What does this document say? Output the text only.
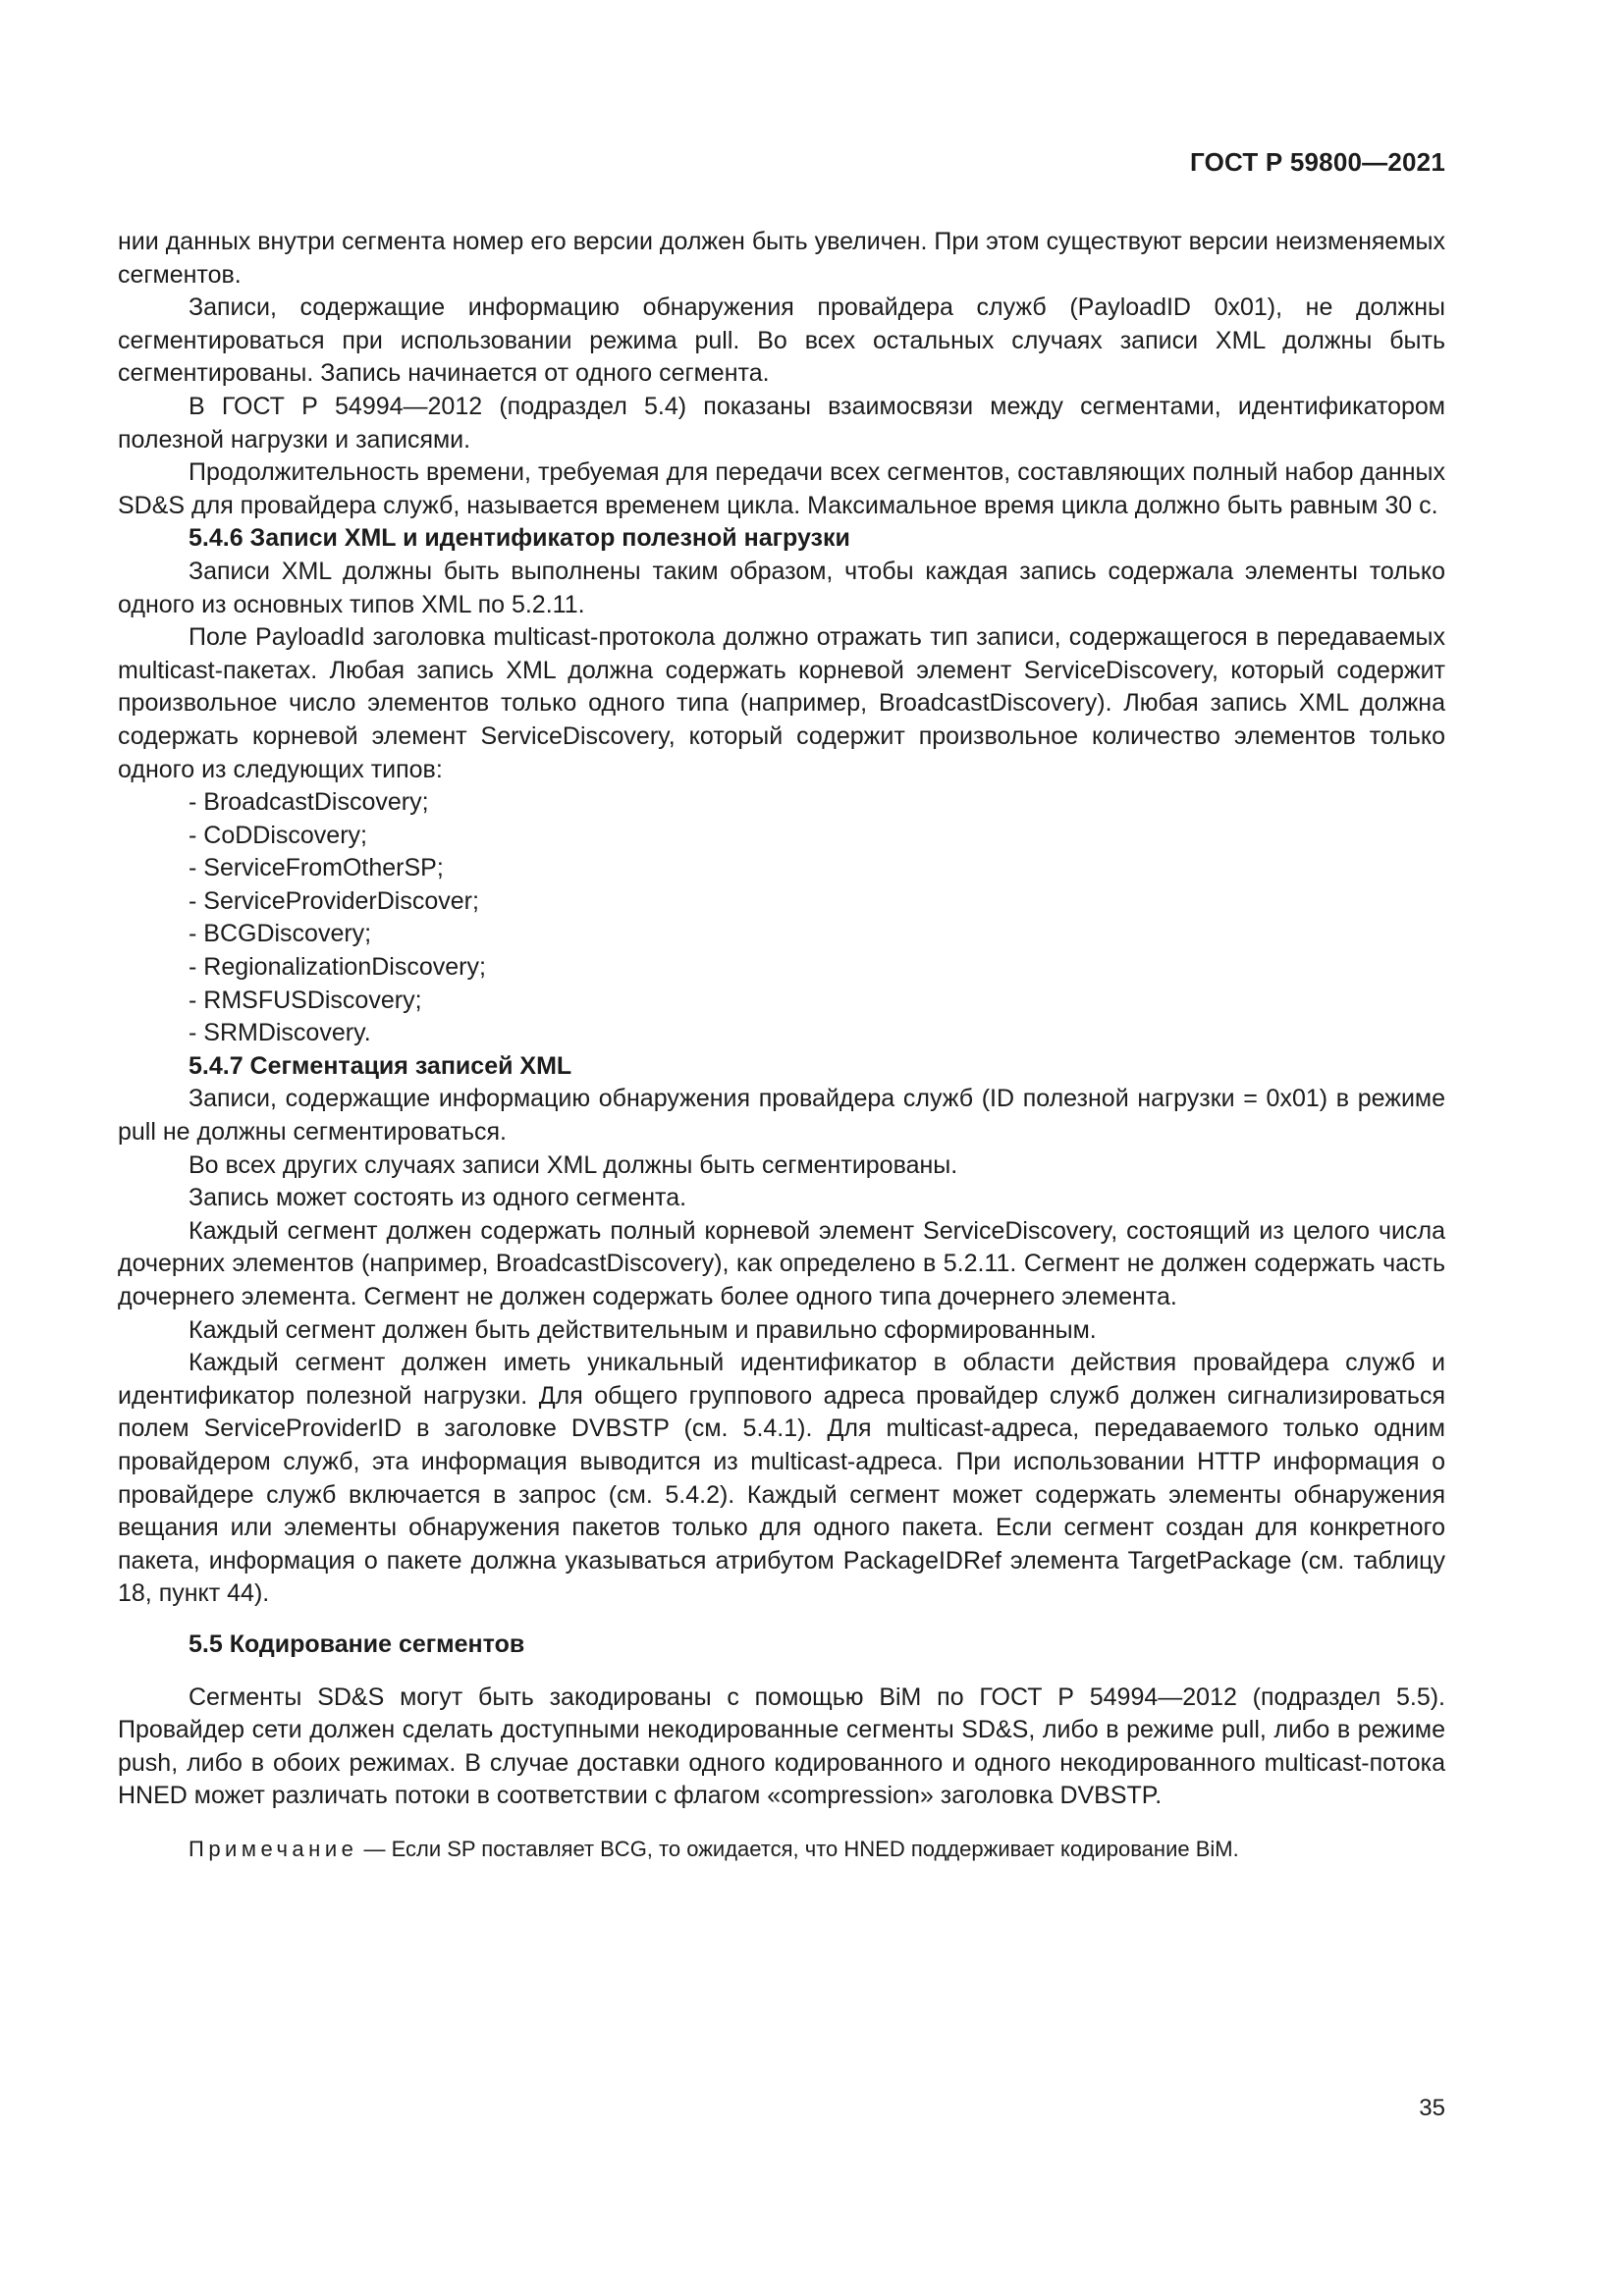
ГОСТ Р 59800—2021

нии данных внутри сегмента номер его версии должен быть увеличен. При этом существуют версии неизменяемых сегментов.

Записи, содержащие информацию обнаружения провайдера служб (PayloadID 0x01), не должны сегментироваться при использовании режима pull. Во всех остальных случаях записи XML должны быть сегментированы. Запись начинается от одного сегмента.

В ГОСТ Р 54994—2012 (подраздел 5.4) показаны взаимосвязи между сегментами, идентификатором полезной нагрузки и записями.

Продолжительность времени, требуемая для передачи всех сегментов, составляющих полный набор данных SD&S для провайдера служб, называется временем цикла. Максимальное время цикла должно быть равным 30 с.

5.4.6 Записи XML и идентификатор полезной нагрузки

Записи XML должны быть выполнены таким образом, чтобы каждая запись содержала элементы только одного из основных типов XML по 5.2.11.

Поле PayloadId заголовка multicast-протокола должно отражать тип записи, содержащегося в передаваемых multicast-пакетах. Любая запись XML должна содержать корневой элемент ServiceDiscovery, который содержит произвольное число элементов только одного типа (например, BroadcastDiscovery). Любая запись XML должна содержать корневой элемент ServiceDiscovery, который содержит произвольное количество элементов только одного из следующих типов:

- BroadcastDiscovery;

- CoDDiscovery;

- ServiceFromOtherSP;

- ServiceProviderDiscover;

- BCGDiscovery;

- RegionalizationDiscovery;

- RMSFUSDiscovery;

- SRMDiscovery.

5.4.7 Сегментация записей XML

Записи, содержащие информацию обнаружения провайдера служб (ID полезной нагрузки = 0x01) в режиме pull не должны сегментироваться.

Во всех других случаях записи XML должны быть сегментированы.

Запись может состоять из одного сегмента.

Каждый сегмент должен содержать полный корневой элемент ServiceDiscovery, состоящий из целого числа дочерних элементов (например, BroadcastDiscovery), как определено в 5.2.11. Сегмент не должен содержать часть дочернего элемента. Сегмент не должен содержать более одного типа дочернего элемента.

Каждый сегмент должен быть действительным и правильно сформированным.

Каждый сегмент должен иметь уникальный идентификатор в области действия провайдера служб и идентификатор полезной нагрузки. Для общего группового адреса провайдер служб должен сигнализироваться полем ServiceProviderID в заголовке DVBSTP (см. 5.4.1). Для multicast-адреса, передаваемого только одним провайдером служб, эта информация выводится из multicast-адреса. При использовании HTTP информация о провайдере служб включается в запрос (см. 5.4.2). Каждый сегмент может содержать элементы обнаружения вещания или элементы обнаружения пакетов только для одного пакета. Если сегмент создан для конкретного пакета, информация о пакете должна указываться атрибутом PackageIDRef элемента TargetPackage (см. таблицу 18, пункт 44).

5.5 Кодирование сегментов

Сегменты SD&S могут быть закодированы с помощью BiM по ГОСТ Р 54994—2012 (подраздел 5.5). Провайдер сети должен сделать доступными некодированные сегменты SD&S, либо в режиме pull, либо в режиме push, либо в обоих режимах. В случае доставки одного кодированного и одного некодированного multicast-потока HNED может различать потоки в соответствии с флагом «compression» заголовка DVBSTP.

Примечание — Если SP поставляет BCG, то ожидается, что HNED поддерживает кодирование BiM.

35
